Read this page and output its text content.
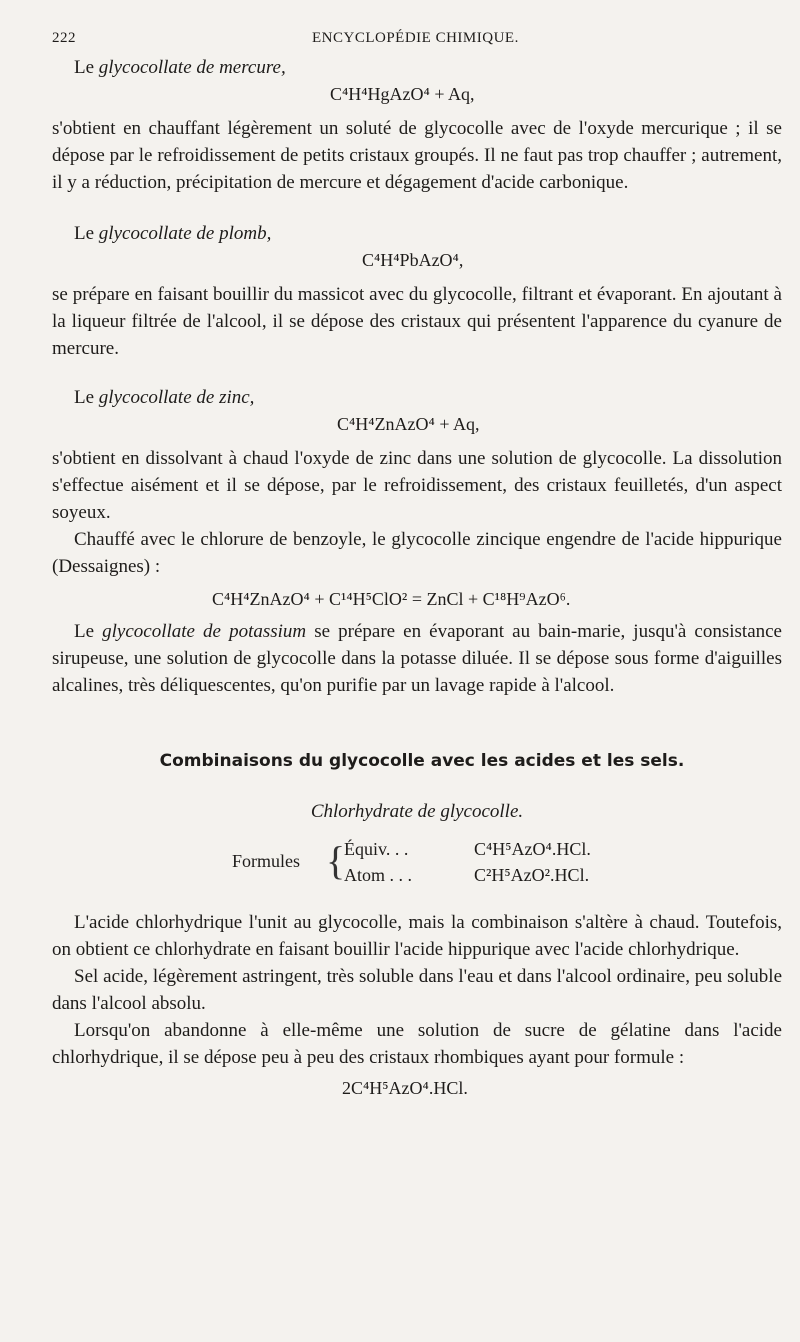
222	ENCYCLOPÉDIE CHIMIQUE.
Le glycocollate de mercure,
C⁴H⁴HgAzO⁴ + Aq,

s'obtient en chauffant légèrement un soluté de glycocolle avec de l'oxyde mercurique ; il se dépose par le refroidissement de petits cristaux groupés. Il ne faut pas trop chauffer ; autrement, il y a réduction, précipitation de mercure et dégagement d'acide carbonique.

Le glycocollate de plomb,
C⁴H⁴PbAzO⁴,

se prépare en faisant bouillir du massicot avec du glycocolle, filtrant et évaporant. En ajoutant à la liqueur filtrée de l'alcool, il se dépose des cristaux qui présentent l'apparence du cyanure de mercure.

Le glycocollate de zinc,
C⁴H⁴ZnAzO⁴ + Aq,

s'obtient en dissolvant à chaud l'oxyde de zinc dans une solution de glycocolle. La dissolution s'effectue aisément et il se dépose, par le refroidissement, des cristaux feuilletés, d'un aspect soyeux.

Chauffé avec le chlorure de benzoyle, le glycocolle zincique engendre de l'acide hippurique (Dessaignes) :

C⁴H⁴ZnAzO⁴ + C¹⁴H⁵ClO² = ZnCl + C¹⁸H⁹AzO⁶.

Le glycocollate de potassium se prépare en évaporant au bain-marie, jusqu'à consistance sirupeuse, une solution de glycocolle dans la potasse diluée. Il se dépose sous forme d'aiguilles alcalines, très déliquescentes, qu'on purifie par un lavage rapide à l'alcool.

Combinaisons du glycocolle avec les acides et les sels.
Chlorhydrate de glycocolle.
Formules {
Équiv. . .	C⁴H⁵AzO⁴.HCl.
Atom . . .	C²H⁵AzO².HCl.

L'acide chlorhydrique l'unit au glycocolle, mais la combinaison s'altère à chaud. Toutefois, on obtient ce chlorhydrate en faisant bouillir l'acide hippurique avec l'acide chlorhydrique.

Sel acide, légèrement astringent, très soluble dans l'eau et dans l'alcool ordinaire, peu soluble dans l'alcool absolu.

Lorsqu'on abandonne à elle-même une solution de sucre de gélatine dans l'acide chlorhydrique, il se dépose peu à peu des cristaux rhombiques ayant pour formule :

2C⁴H⁵AzO⁴.HCl.
